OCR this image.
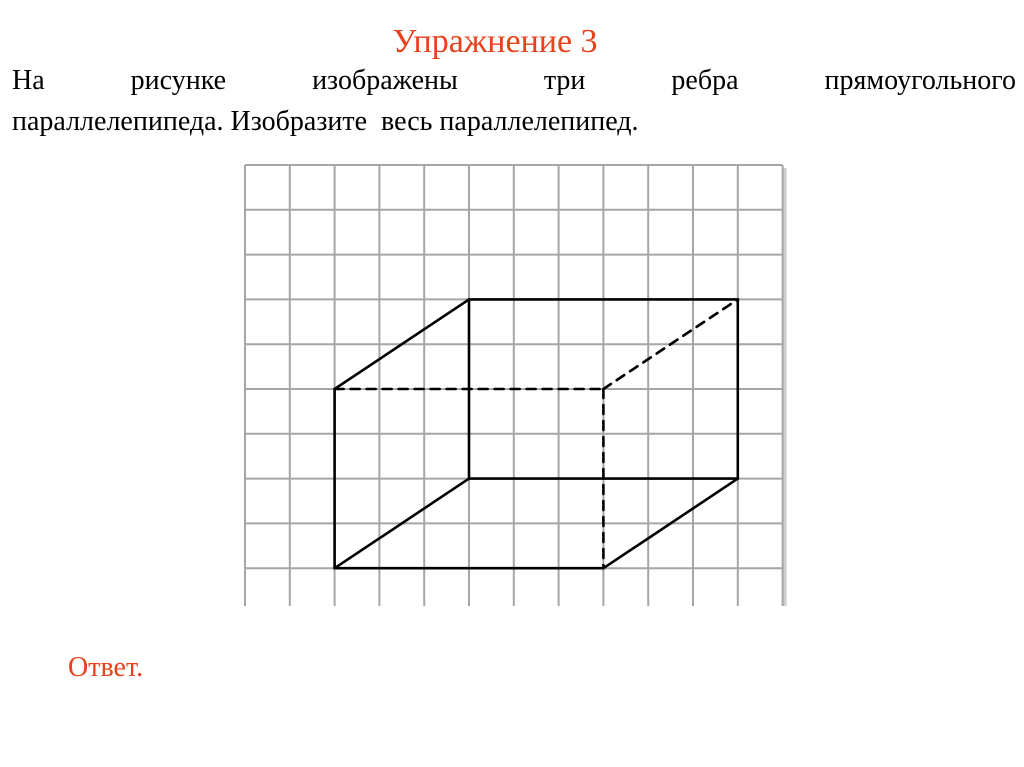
Упражнение 3
На	рисунке	изображены	три	ребра	прямоугольного
параллелепипеда. Изобразите  весь параллелепипед.

Ответ.
